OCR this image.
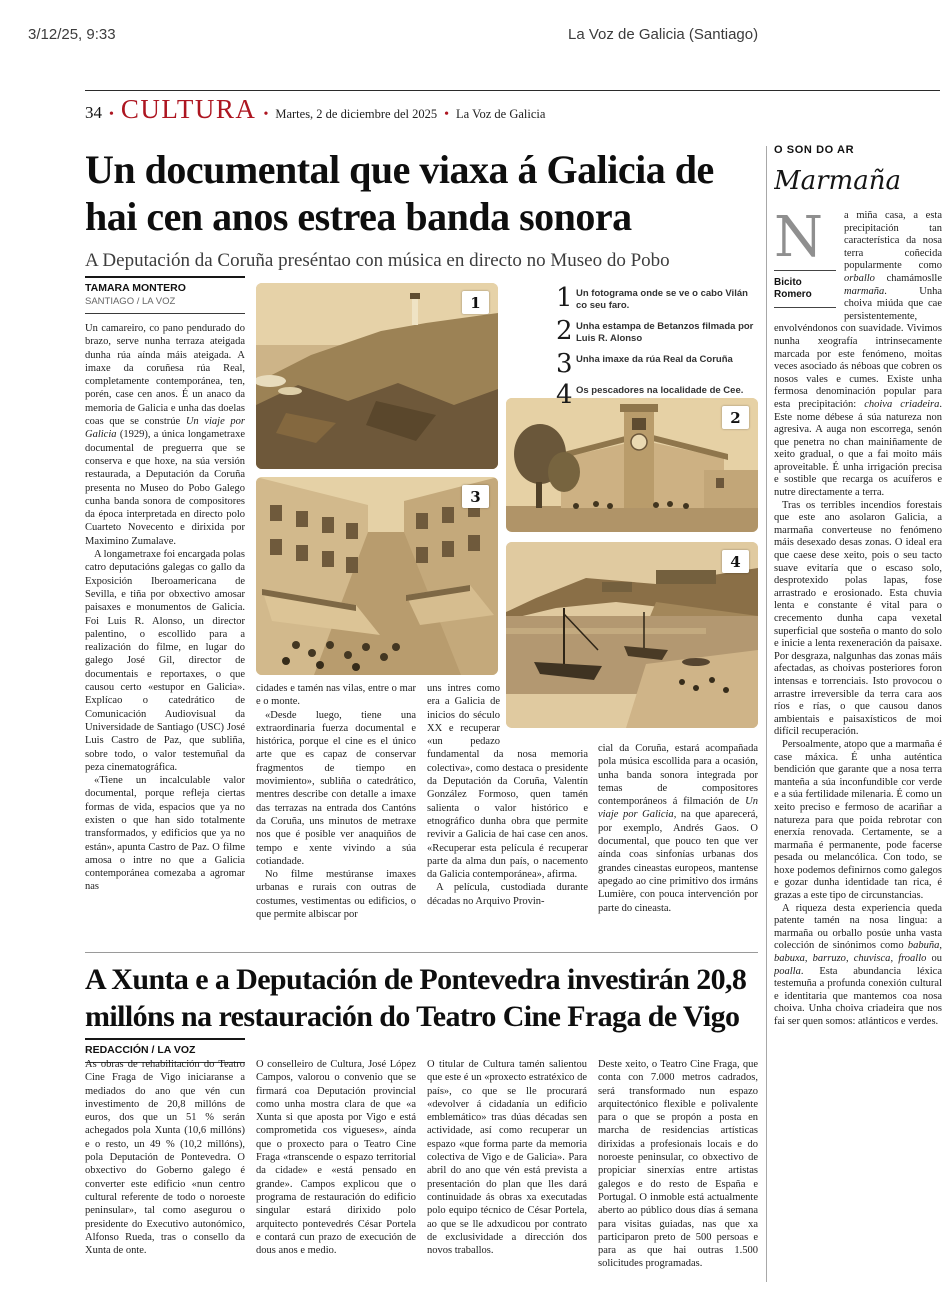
3/12/25, 9:33	La Voz de Galicia (Santiago)
34 • CULTURA • Martes, 2 de diciembre del 2025 • La Voz de Galicia
Un documental que viaxa á Galicia de hai cen anos estrea banda sonora
A Deputación da Coruña preséntao con música en directo no Museo do Pobo
TAMARA MONTERO
SANTIAGO / LA VOZ

Un camareiro, co pano pendurado do brazo, serve nunha terraza ateigada dunha rúa aínda máis ateigada. A imaxe da coruñesa rúa Real, completamente contemporánea, ten, porén, case cen anos. É un anaco da memoria de Galicia e unha das doelas coas que se constrúe Un viaje por Galicia (1929), a única longametraxe documental de preguerra que se conserva e que hoxe, na súa versión restaurada, a Deputación da Coruña presenta no Museo do Pobo Galego cunha banda sonora de compositores da época interpretada en directo polo Cuarteto Novecento e dirixida por Maximino Zumalave.

A longametraxe foi encargada polas catro deputacións galegas co gallo da Exposición Iberoamericana de Sevilla, e tiña por obxectivo amosar paisaxes e monumentos de Galicia. Foi Luis R. Alonso, un director palentino, o escollido para a realización do filme, en lugar do galego José Gil, director de documentais e reportaxes, o que causou certo «estupor en Galicia». Explícao o catedrático de Comunicación Audiovisual da Universidade de Santiago (USC) José Luis Castro de Paz, que subliña, sobre todo, o valor testemuñal da peza cinematográfica.

«Tiene un incalculable valor documental, porque refleja ciertas formas de vida, espacios que ya no existen o que han sido totalmente transformados, y edificios que ya no están», apunta Castro de Paz. O filme amosa o intre no que a Galicia contemporánea comezaba a agromar nas

cidades e tamén nas vilas, entre o mar e o monte.

«Desde luego, tiene una extraordinaria fuerza documental e histórica, porque el cine es el único arte que es capaz de conservar fragmentos de tiempo en movimiento», subliña o catedrático, mentres describe con detalle a imaxe das terrazas na entrada dos Cantóns da Coruña, uns minutos de metraxe nos que é posible ver anaquiños de tempo e xente vivindo a súa cotiandade.

No filme mestúranse imaxes urbanas e rurais con outras de costumes, vestimentas ou edificios, o que permite albiscar por

uns intres como era a Galicia de inicios do século XX e recuperar «un pedazo fundamental da nosa memoria colectiva», como destaca o presidente da Deputación da Coruña, Valentín González Formoso, quen tamén salienta o valor histórico e etnográfico dunha obra que permite revivir a Galicia de hai case cen anos. «Recuperar esta película é recuperar parte da alma dun país, o nacemento da Galicia contemporánea», afirma.

A película, custodiada durante décadas no Arquivo Provin-

cial da Coruña, estará acompañada pola música escollida para a ocasión, unha banda sonora integrada por temas de compositores contemporáneos á filmación de Un viaje por Galicia, na que aparecerá, por exemplo, Andrés Gaos. O documental, que pouco ten que ver aínda coas sinfonías urbanas dos grandes cineastas europeos, mantense apegado ao cine primitivo dos irmáns Lumière, con pouca intervención por parte do cineasta.

1
2
3
4
1 Un fotograma onde se ve o cabo Vilán co seu faro.
2 Unha estampa de Betanzos filmada por Luis R. Alonso
3 Unha imaxe da rúa Real da Coruña
4 Os pescadores na localidade de Cee.
A Xunta e a Deputación de Pontevedra investirán 20,8 millóns na restauración do Teatro Cine Fraga de Vigo
REDACCIÓN / LA VOZ

As obras de rehabilitación do Teatro Cine Fraga de Vigo iniciaranse a mediados do ano que vén cun investimento de 20,8 millóns de euros, dos que un 51 % serán achegados pola Xunta (10,6 millóns) e o resto, un 49 % (10,2 millóns), pola Deputación de Pontevedra. O obxectivo do Goberno galego é converter este edificio «nun centro cultural referente de todo o noroeste peninsular», tal como asegurou o presidente do Executivo autonómico, Alfonso Rueda, tras o consello da Xunta de onte.

O conselleiro de Cultura, José López Campos, valorou o convenio que se firmará coa Deputación provincial como unha mostra clara de que «a Xunta si que aposta por Vigo e está comprometida cos vigueses», aínda que o proxecto para o Teatro Cine Fraga «transcende o espazo territorial da cidade» e «está pensado en grande». Campos explicou que o programa de restauración do edificio singular estará dirixido polo arquitecto pontevedrés César Portela e contará cun prazo de execución de dous anos e medio.

O titular de Cultura tamén salientou que este é un «proxecto estratéxico de país», co que se lle procurará «devolver á cidadanía un edificio emblemático» tras dúas décadas sen actividade, así como recuperar un espazo «que forma parte da memoria colectiva de Vigo e de Galicia». Para abril do ano que vén está prevista a presentación do plan que lles dará continuidade ás obras xa executadas polo equipo técnico de César Portela, ao que se lle adxudicou por contrato de exclusividade a dirección dos novos traballos.

Deste xeito, o Teatro Cine Fraga, que conta con 7.000 metros cadrados, será transformado nun espazo arquitectónico flexible e polivalente para o que se propón a posta en marcha de residencias artísticas dirixidas a profesionais locais e do noroeste peninsular, co obxectivo de propiciar sinerxías entre artistas galegos e do resto de España e Portugal. O inmoble está actualmente aberto ao público dous días á semana para visitas guiadas, nas que xa participaron preto de 500 persoas e para as que hai outras 1.500 solicitudes programadas.

O SON DO AR
Marmaña
N
Bicito
Romero

a miña casa, a esta precipitación tan característica da nosa terra coñecida popularmente como orballo chamámoslle marmaña. Unha choiva miúda que cae persistentemente, envolvéndonos con suavidade. Vivimos nunha xeografía intrinsecamente marcada por este fenómeno, moitas veces asociado ás néboas que cobren os nosos vales e cumes. Existe unha fermosa denominación popular para esta precipitación: choiva criadeira. Este nome débese á súa natureza non agresiva. A auga non escorrega, senón que penetra no chan mainiñamente de xeito gradual, o que a fai moito máis aproveitable. É unha irrigación precisa e sostible que recarga os acuíferos e nutre directamente a terra.

Tras os terribles incendios forestais que este ano asolaron Galicia, a marmaña converteuse no fenómeno máis desexado desas zonas. O ideal era que caese dese xeito, pois o seu tacto suave evitaría que o escaso solo, desprotexido polas lapas, fose arrastrado e erosionado. Esta chuvia lenta e constante é vital para o crecemento dunha capa vexetal superficial que sosteña o manto do solo e inicie a lenta rexeneración da paisaxe. Por desgraza, nalgunhas das zonas máis afectadas, as choivas posteriores foron intensas e torrenciais. Isto provocou o arrastre irreversible da terra cara aos ríos e rías, o que causou danos ambientais e paisaxísticos de moi difícil recuperación.

Persoalmente, atopo que a marmaña é case máxica. É unha auténtica bendición que garante que a nosa terra manteña a súa inconfundible cor verde e a súa fertilidade milenaria. É como un xeito preciso e fermoso de acariñar a natureza para que poida rebrotar con enerxía renovada. Certamente, se a marmaña é permanente, pode facerse pesada ou melancólica. Con todo, se hoxe podemos definirnos como galegos e gozar dunha identidade tan rica, é grazas a este tipo de circunstancias.

A riqueza desta experiencia queda patente tamén na nosa lingua: a marmaña ou orballo posúe unha vasta colección de sinónimos como babuña, babuxa, barruzo, chuvisca, froallo ou poalla. Esta abundancia léxica testemuña a profunda conexión cultural e identitaria que mantemos coa nosa choiva. Unha choiva criadeira que nos fai ser quen somos: atlánticos e verdes.
